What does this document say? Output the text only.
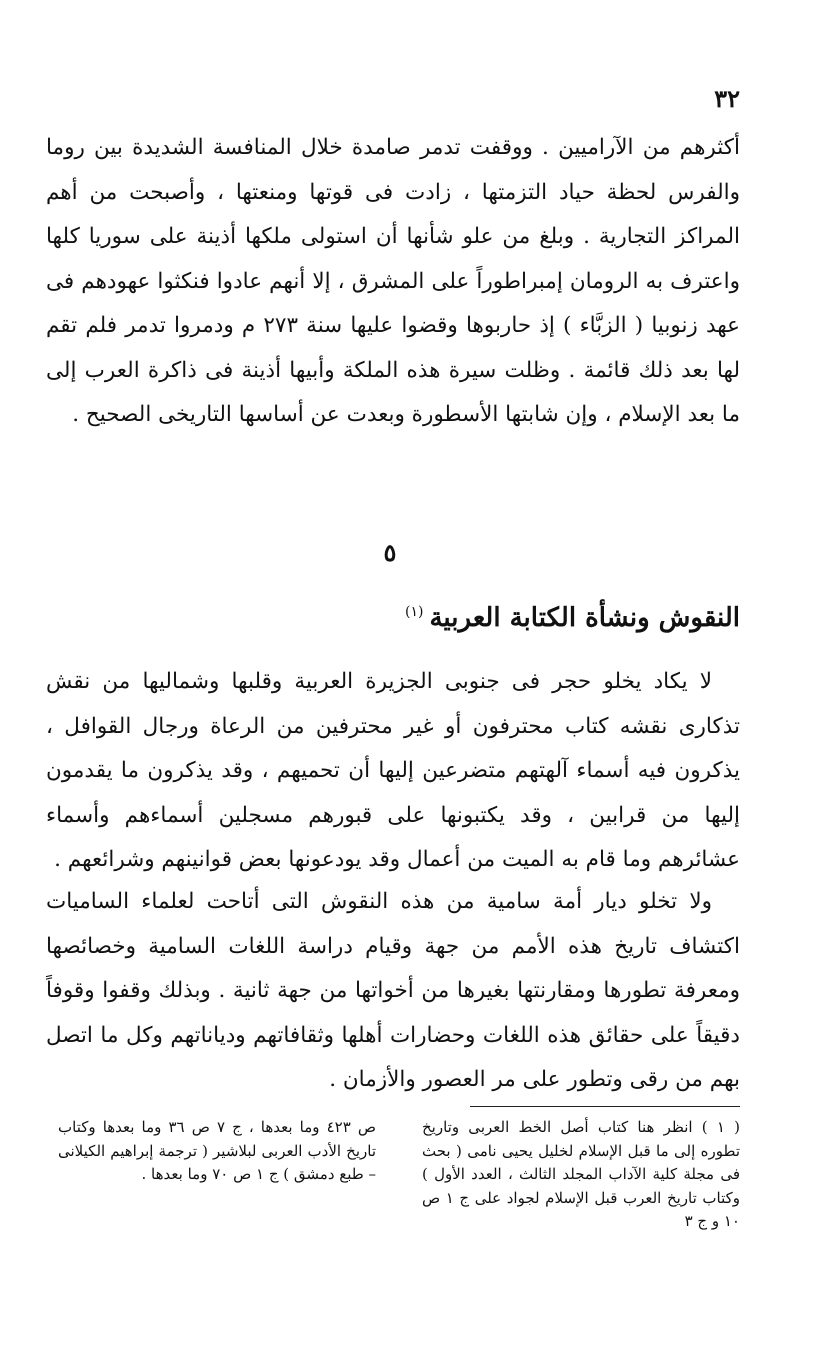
٣٢

أكثرهم من الآراميين . ووقفت تدمر صامدة خلال المنافسة الشديدة بين روما والفرس لحظة حياد التزمتها ، زادت فى قوتها ومنعتها ، وأصبحت من أهم المراكز التجارية . وبلغ من علو شأنها أن استولى ملكها أذينة على سوريا كلها واعترف به الرومان إمبراطوراً على المشرق ، إلا أنهم عادوا فنكثوا عهودهم فى عهد زنوبيا ( الزبَّاء ) إذ حاربوها وقضوا عليها سنة ٢٧٣ م ودمروا تدمر فلم تقم لها بعد ذلك قائمة . وظلت سيرة هذه الملكة وأبيها أذينة فى ذاكرة العرب إلى ما بعد الإسلام ، وإن شابتها الأسطورة وبعدت عن أساسها التاريخى الصحيح .

٥
النقوش ونشأة الكتابة العربية$^{(١)}$

لا يكاد يخلو حجر فى جنوبى الجزيرة العربية وقلبها وشماليها من نقش تذكارى نقشه كتاب محترفون أو غير محترفين من الرعاة ورجال القوافل ، يذكرون فيه أسماء آلهتهم متضرعين إليها أن تحميهم ، وقد يذكرون ما يقدمون إليها من قرابين ، وقد يكتبونها على قبورهم مسجلين أسماءهم وأسماء عشائرهم وما قام به الميت من أعمال وقد يودعونها بعض قوانينهم وشرائعهم .

ولا تخلو ديار أمة سامية من هذه النقوش التى أتاحت لعلماء الساميات اكتشاف تاريخ هذه الأمم من جهة وقيام دراسة اللغات السامية وخصائصها ومعرفة تطورها ومقارنتها بغيرها من أخواتها من جهة ثانية . وبذلك وقفوا وقوفاً دقيقاً على حقائق هذه اللغات وحضارات أهلها وثقافاتهم ودياناتهم وكل ما اتصل بهم من رقى وتطور على مر العصور والأزمان .

( ١ ) انظر هنا كتاب أصل الخط العربى وتاريخ تطوره إلى ما قبل الإسلام لخليل يحيى نامى ( بحث فى مجلة كلية الآداب المجلد الثالث ، العدد الأول ) وكتاب تاريخ العرب قبل الإسلام لجواد على ج ١ ص ١٠ و ج ٣

ص ٤٢٣ وما بعدها ، ج ٧ ص ٣٦ وما بعدها وكتاب تاريخ الأدب العربى لبلاشير ( ترجمة إبراهيم الكيلانى – طبع دمشق ) ج ١ ص ٧٠ وما بعدها .
